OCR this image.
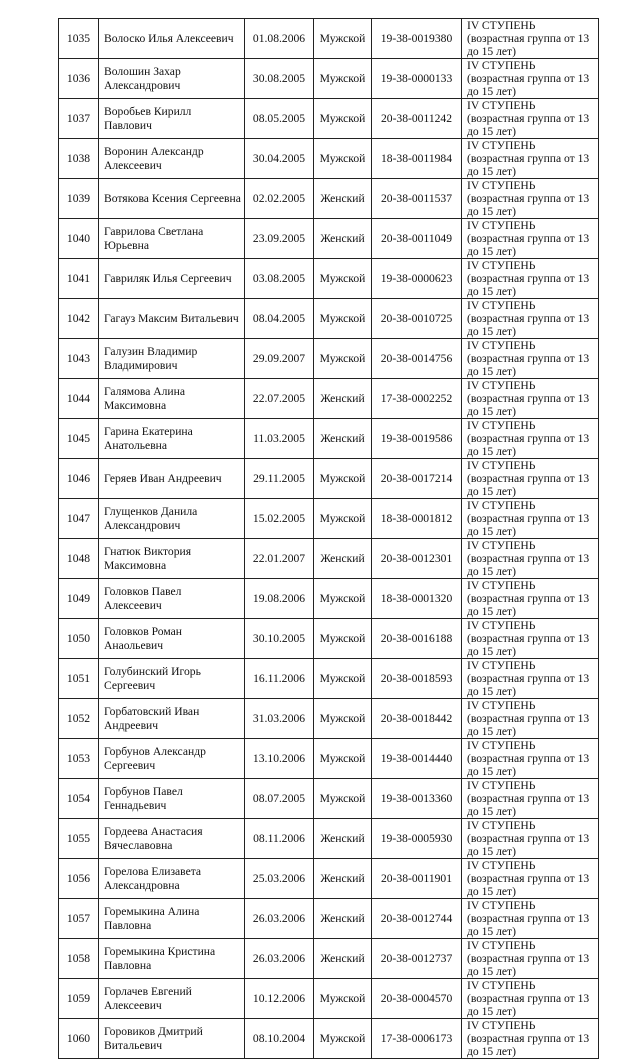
1035	Волоско Илья Алексеевич	01.08.2006	Мужской	19-38-0019380	IV СТУПЕНЬ (возрастная группа от 13 до 15 лет)
1036	Волошин Захар Александрович	30.08.2005	Мужской	19-38-0000133	IV СТУПЕНЬ (возрастная группа от 13 до 15 лет)
1037	Воробьев Кирилл Павлович	08.05.2005	Мужской	20-38-0011242	IV СТУПЕНЬ (возрастная группа от 13 до 15 лет)
1038	Воронин Александр Алексеевич	30.04.2005	Мужской	18-38-0011984	IV СТУПЕНЬ (возрастная группа от 13 до 15 лет)
1039	Вотякова Ксения Сергеевна	02.02.2005	Женский	20-38-0011537	IV СТУПЕНЬ (возрастная группа от 13 до 15 лет)
1040	Гаврилова Светлана Юрьевна	23.09.2005	Женский	20-38-0011049	IV СТУПЕНЬ (возрастная группа от 13 до 15 лет)
1041	Гавриляк Илья Сергеевич	03.08.2005	Мужской	19-38-0000623	IV СТУПЕНЬ (возрастная группа от 13 до 15 лет)
1042	Гагауз Максим Витальевич	08.04.2005	Мужской	20-38-0010725	IV СТУПЕНЬ (возрастная группа от 13 до 15 лет)
1043	Галузин Владимир Владимирович	29.09.2007	Мужской	20-38-0014756	IV СТУПЕНЬ (возрастная группа от 13 до 15 лет)
1044	Галямова Алина Максимовна	22.07.2005	Женский	17-38-0002252	IV СТУПЕНЬ (возрастная группа от 13 до 15 лет)
1045	Гарина Екатерина Анатольевна	11.03.2005	Женский	19-38-0019586	IV СТУПЕНЬ (возрастная группа от 13 до 15 лет)
1046	Геряев Иван Андреевич	29.11.2005	Мужской	20-38-0017214	IV СТУПЕНЬ (возрастная группа от 13 до 15 лет)
1047	Глущенков Данила Александрович	15.02.2005	Мужской	18-38-0001812	IV СТУПЕНЬ (возрастная группа от 13 до 15 лет)
1048	Гнатюк Виктория Максимовна	22.01.2007	Женский	20-38-0012301	IV СТУПЕНЬ (возрастная группа от 13 до 15 лет)
1049	Головков Павел Алексеевич	19.08.2006	Мужской	18-38-0001320	IV СТУПЕНЬ (возрастная группа от 13 до 15 лет)
1050	Головков Роман Анаольевич	30.10.2005	Мужской	20-38-0016188	IV СТУПЕНЬ (возрастная группа от 13 до 15 лет)
1051	Голубинский Игорь Сергеевич	16.11.2006	Мужской	20-38-0018593	IV СТУПЕНЬ (возрастная группа от 13 до 15 лет)
1052	Горбатовский Иван Андреевич	31.03.2006	Мужской	20-38-0018442	IV СТУПЕНЬ (возрастная группа от 13 до 15 лет)
1053	Горбунов Александр Сергеевич	13.10.2006	Мужской	19-38-0014440	IV СТУПЕНЬ (возрастная группа от 13 до 15 лет)
1054	Горбунов Павел Геннадьевич	08.07.2005	Мужской	19-38-0013360	IV СТУПЕНЬ (возрастная группа от 13 до 15 лет)
1055	Гордеева Анастасия Вячеславовна	08.11.2006	Женский	19-38-0005930	IV СТУПЕНЬ (возрастная группа от 13 до 15 лет)
1056	Горелова Елизавета Александровна	25.03.2006	Женский	20-38-0011901	IV СТУПЕНЬ (возрастная группа от 13 до 15 лет)
1057	Горемыкина Алина Павловна	26.03.2006	Женский	20-38-0012744	IV СТУПЕНЬ (возрастная группа от 13 до 15 лет)
1058	Горемыкина Кристина Павловна	26.03.2006	Женский	20-38-0012737	IV СТУПЕНЬ (возрастная группа от 13 до 15 лет)
1059	Горлачев Евгений Алексеевич	10.12.2006	Мужской	20-38-0004570	IV СТУПЕНЬ (возрастная группа от 13 до 15 лет)
1060	Горовиков Дмитрий Витальевич	08.10.2004	Мужской	17-38-0006173	IV СТУПЕНЬ (возрастная группа от 13 до 15 лет)
